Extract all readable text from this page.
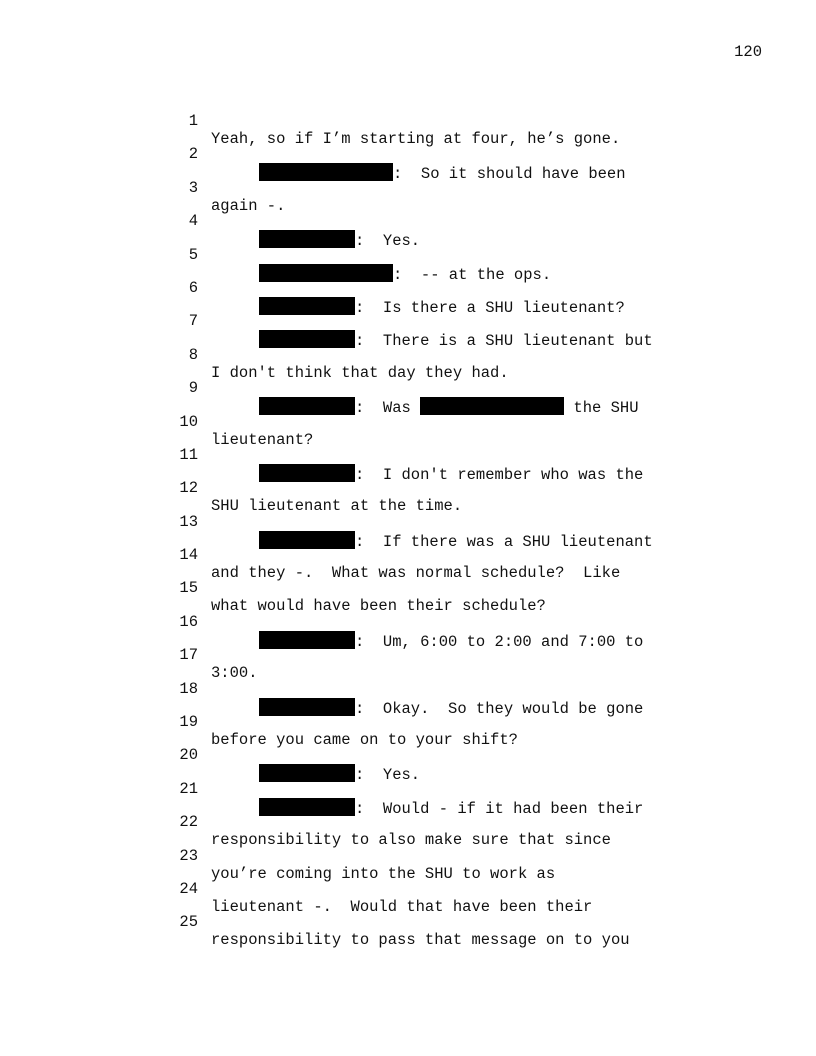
120

1

Yeah, so if I’m starting at four, he’s gone.

2

:  So it should have been

3

again -.

4

:  Yes.

5

:  -- at the ops.

6

:  Is there a SHU lieutenant?

7

:  There is a SHU lieutenant but

8

I don't think that day they had.

9

:  Was	the SHU

10

lieutenant?

11

:  I don't remember who was the

12

SHU lieutenant at the time.

13

:  If there was a SHU lieutenant

14

and they -.  What was normal schedule?  Like

15

what would have been their schedule?

16

:  Um, 6:00 to 2:00 and 7:00 to

17

3:00.

18

:  Okay.  So they would be gone

19

before you came on to your shift?

20

:  Yes.

21

:  Would - if it had been their

22

responsibility to also make sure that since

23

you’re coming into the SHU to work as

24

lieutenant -.  Would that have been their

25

responsibility to pass that message on to you
